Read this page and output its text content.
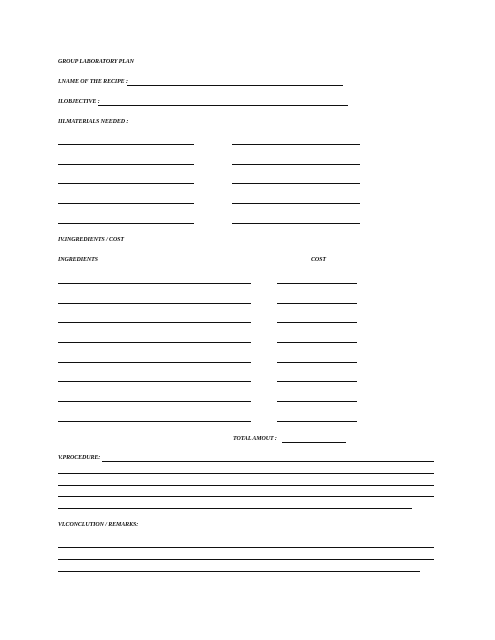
GROUP LABORATORY PLAN
I.NAME OF THE RECIPE :
II.OBJECTIVE :
III.MATERIALS NEEDED :
IV.INGREDIENTS / COST
INGREDIENTS	COST
TOTAL AMOUT :
V.PROCEDURE:
VI.CONCLUTION / REMARKS:
